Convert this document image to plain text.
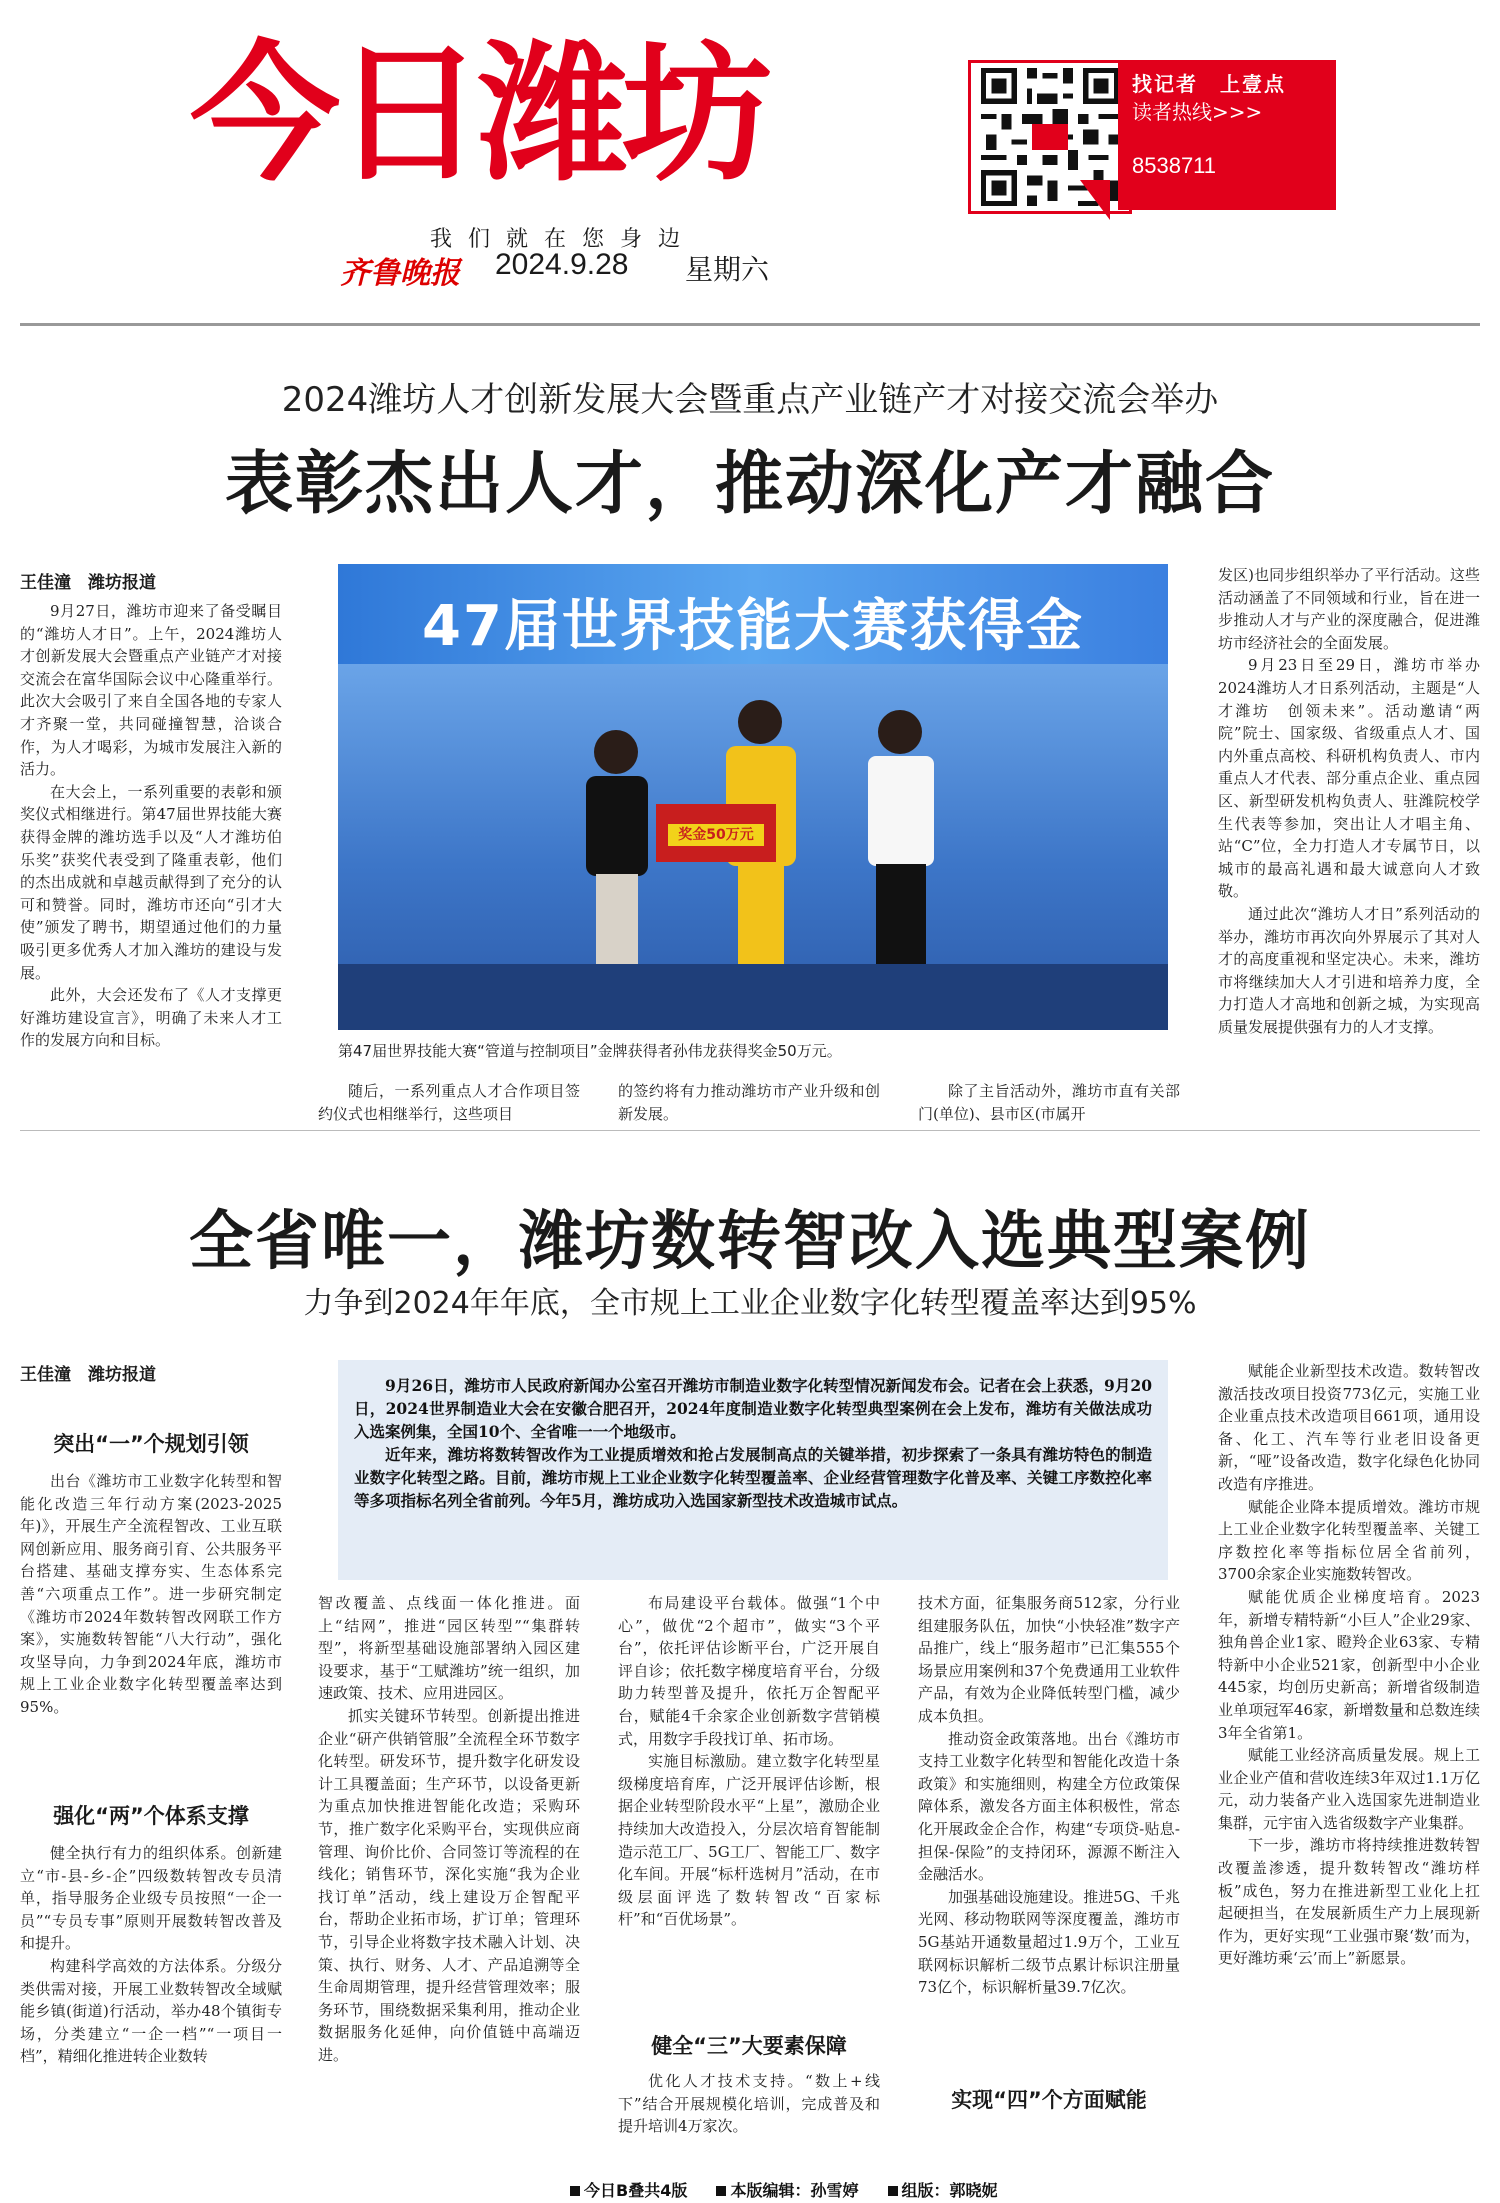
今日潍坊
我们就在您身边
齐鲁晚报 2024.9.28 星期六
找记者　上壹点
读者热线>>>
8538711
2024潍坊人才创新发展大会暨重点产业链产才对接交流会举办
表彰杰出人才，推动深化产才融合
王佳潼　潍坊报道

9月27日，潍坊市迎来了备受瞩目的“潍坊人才日”。上午，2024潍坊人才创新发展大会暨重点产业链产才对接交流会在富华国际会议中心隆重举行。此次大会吸引了来自全国各地的专家人才齐聚一堂，共同碰撞智慧，洽谈合作，为人才喝彩，为城市发展注入新的活力。

在大会上，一系列重要的表彰和颁奖仪式相继进行。第47届世界技能大赛获得金牌的潍坊选手以及“人才潍坊伯乐奖”获奖代表受到了隆重表彰，他们的杰出成就和卓越贡献得到了充分的认可和赞誉。同时，潍坊市还向“引才大使”颁发了聘书，期望通过他们的力量吸引更多优秀人才加入潍坊的建设与发展。

此外，大会还发布了《人才支撑更好潍坊建设宣言》，明确了未来人才工作的发展方向和目标。

47届世界技能大赛获得金
奖金50万元
第47届世界技能大赛“管道与控制项目”金牌获得者孙伟龙获得奖金50万元。

随后，一系列重点人才合作项目签约仪式也相继举行，这些项目

的签约将有力推动潍坊市产业升级和创新发展。

除了主旨活动外，潍坊市直有关部门(单位)、县市区(市属开

发区)也同步组织举办了平行活动。这些活动涵盖了不同领域和行业，旨在进一步推动人才与产业的深度融合，促进潍坊市经济社会的全面发展。

9月23日至29日，潍坊市举办2024潍坊人才日系列活动，主题是“人才潍坊　创领未来”。活动邀请“两院”院士、国家级、省级重点人才、国内外重点高校、科研机构负责人、市内重点人才代表、部分重点企业、重点园区、新型研发机构负责人、驻潍院校学生代表等参加，突出让人才唱主角、站“C”位，全力打造人才专属节日，以城市的最高礼遇和最大诚意向人才致敬。

通过此次“潍坊人才日”系列活动的举办，潍坊市再次向外界展示了其对人才的高度重视和坚定决心。未来，潍坊市将继续加大人才引进和培养力度，全力打造人才高地和创新之城，为实现高质量发展提供强有力的人才支撑。

全省唯一，潍坊数转智改入选典型案例
力争到2024年年底，全市规上工业企业数字化转型覆盖率达到95%
王佳潼　潍坊报道

9月26日，潍坊市人民政府新闻办公室召开潍坊市制造业数字化转型情况新闻发布会。记者在会上获悉，9月20日，2024世界制造业大会在安徽合肥召开，2024年度制造业数字化转型典型案例在会上发布，潍坊有关做法成功入选案例集，全国10个、全省唯一一个地级市。

近年来，潍坊将数转智改作为工业提质增效和抢占发展制高点的关键举措，初步探索了一条具有潍坊特色的制造业数字化转型之路。目前，潍坊市规上工业企业数字化转型覆盖率、企业经营管理数字化普及率、关键工序数控化率等多项指标名列全省前列。今年5月，潍坊成功入选国家新型技术改造城市试点。

突出“一”个规划引领

出台《潍坊市工业数字化转型和智能化改造三年行动方案(2023-2025年)》，开展生产全流程智改、工业互联网创新应用、服务商引育、公共服务平台搭建、基础支撑夯实、生态体系完善“六项重点工作”。进一步研究制定《潍坊市2024年数转智改网联工作方案》，实施数转智能“八大行动”，强化攻坚导向，力争到2024年底，潍坊市规上工业企业数字化转型覆盖率达到95%。

强化“两”个体系支撑

健全执行有力的组织体系。创新建立“市-县-乡-企”四级数转智改专员清单，指导服务企业级专员按照“一企一员”“专员专事”原则开展数转智改普及和提升。

构建科学高效的方法体系。分级分类供需对接，开展工业数转智改全域赋能乡镇(街道)行活动，举办48个镇街专场，分类建立“一企一档”“一项目一档”，精细化推进转企业数转

智改覆盖、点线面一体化推进。面上“结网”，推进“园区转型”“集群转型”，将新型基础设施部署纳入园区建设要求，基于“工赋潍坊”统一组织，加速政策、技术、应用进园区。

抓实关键环节转型。创新提出推进企业“研产供销管服”全流程全环节数字化转型。研发环节，提升数字化研发设计工具覆盖面；生产环节，以设备更新为重点加快推进智能化改造；采购环节，推广数字化采购平台，实现供应商管理、询价比价、合同签订等流程的在线化；销售环节，深化实施“我为企业找订单”活动，线上建设万企智配平台，帮助企业拓市场，扩订单；管理环节，引导企业将数字技术融入计划、决策、执行、财务、人才、产品追溯等全生命周期管理，提升经营管理效率；服务环节，围绕数据采集利用，推动企业数据服务化延伸，向价值链中高端迈进。

布局建设平台载体。做强“1个中心”，做优“2个超市”，做实“3个平台”，依托评估诊断平台，广泛开展自评自诊；依托数字梯度培育平台，分级助力转型普及提升，依托万企智配平台，赋能4千余家企业创新数字营销模式，用数字手段找订单、拓市场。

实施目标激励。建立数字化转型星级梯度培育库，广泛开展评估诊断，根据企业转型阶段水平“上星”，激励企业持续加大改造投入，分层次培育智能制造示范工厂、5G工厂、智能工厂、数字化车间。开展“标杆选树月”活动，在市级层面评选了数转智改“百家标杆”和“百优场景”。

健全“三”大要素保障

优化人才技术支持。“数上+线下”结合开展规模化培训，完成普及和提升培训4万家次。

技术方面，征集服务商512家，分行业组建服务队伍，加快“小快轻准”数字产品推广，线上“服务超市”已汇集555个场景应用案例和37个免费通用工业软件产品，有效为企业降低转型门槛，减少成本负担。

推动资金政策落地。出台《潍坊市支持工业数字化转型和智能化改造十条政策》和实施细则，构建全方位政策保障体系，激发各方面主体积极性，常态化开展政金企合作，构建“专项贷-贴息-担保-保险”的支持闭环，源源不断注入金融活水。

加强基础设施建设。推进5G、千兆光网、移动物联网等深度覆盖，潍坊市5G基站开通数量超过1.9万个，工业互联网标识解析二级节点累计标识注册量73亿个，标识解析量39.7亿次。

实现“四”个方面赋能

赋能企业新型技术改造。数转智改激活技改项目投资773亿元，实施工业企业重点技术改造项目661项，通用设备、化工、汽车等行业老旧设备更新，“哑”设备改造，数字化绿色化协同改造有序推进。

赋能企业降本提质增效。潍坊市规上工业企业数字化转型覆盖率、关键工序数控化率等指标位居全省前列，3700余家企业实施数转智改。

赋能优质企业梯度培育。2023年，新增专精特新“小巨人”企业29家、独角兽企业1家、瞪羚企业63家、专精特新中小企业521家，创新型中小企业445家，均创历史新高；新增省级制造业单项冠军46家，新增数量和总数连续3年全省第1。

赋能工业经济高质量发展。规上工业企业产值和营收连续3年双过1.1万亿元，动力装备产业入选国家先进制造业集群，元宇宙入选省级数字产业集群。

下一步，潍坊市将持续推进数转智改覆盖渗透，提升数转智改“潍坊样板”成色，努力在推进新型工业化上扛起硬担当，在发展新质生产力上展现新作为，更好实现“工业强市聚‘数’而为，更好潍坊乘‘云’而上”新愿景。

今日B叠共4版	本版编辑：孙雪婷	组版：郭晓妮
